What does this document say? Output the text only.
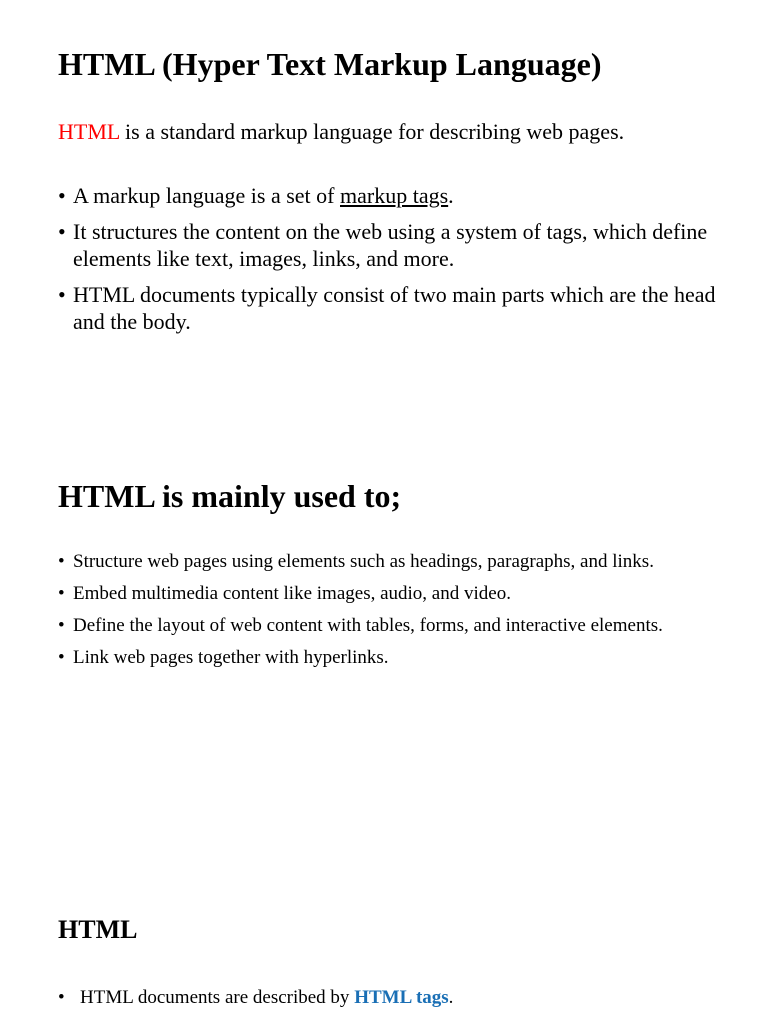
HTML (Hyper Text Markup Language)

HTML is a standard markup language for describing web pages.

• A markup language is a set of markup tags.
• It structures the content on the web using a system of tags, which define elements like text, images, links, and more.
• HTML documents typically consist of two main parts which are the head and the body.
HTML is mainly used to;
• Structure web pages using elements such as headings, paragraphs, and links.
• Embed multimedia content like images, audio, and video.
• Define the layout of web content with tables, forms, and interactive elements.
• Link web pages together with hyperlinks.
HTML
• HTML documents are described by HTML tags.
